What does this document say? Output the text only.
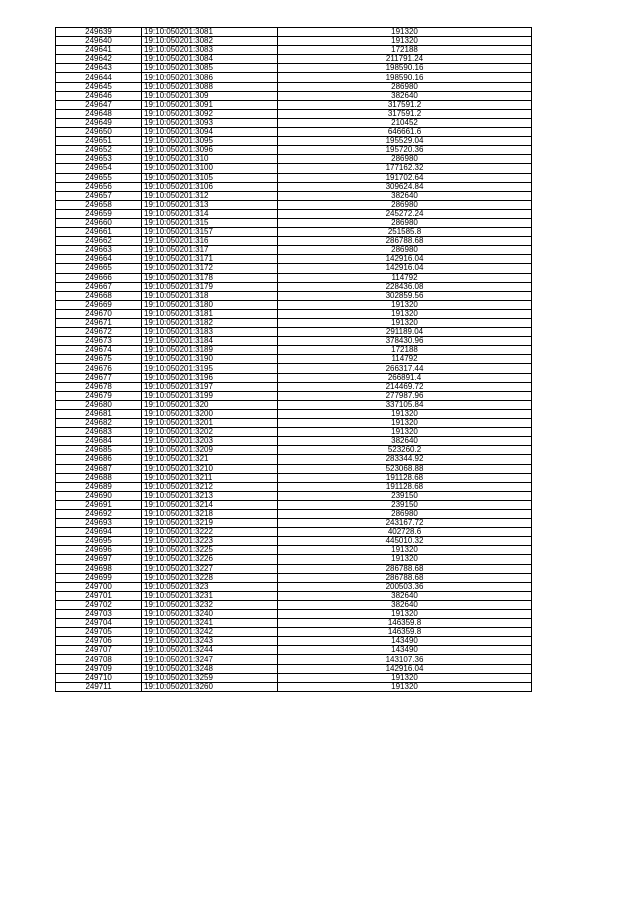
249639	19:10:050201:3081	191320
249640	19:10:050201:3082	191320
249641	19:10:050201:3083	172188
249642	19:10:050201:3084	211791.24
249643	19:10:050201:3085	198590.16
249644	19:10:050201:3086	198590.16
249645	19:10:050201:3088	286980
249646	19:10:050201:309	382640
249647	19:10:050201:3091	317591.2
249648	19:10:050201:3092	317591.2
249649	19:10:050201:3093	210452
249650	19:10:050201:3094	646661.6
249651	19:10:050201:3095	195529.04
249652	19:10:050201:3096	195720.36
249653	19:10:050201:310	286980
249654	19:10:050201:3100	177162.32
249655	19:10:050201:3105	191702.64
249656	19:10:050201:3106	309624.84
249657	19:10:050201:312	382640
249658	19:10:050201:313	286980
249659	19:10:050201:314	245272.24
249660	19:10:050201:315	286980
249661	19:10:050201:3157	251585.8
249662	19:10:050201:316	286788.68
249663	19:10:050201:317	286980
249664	19:10:050201:3171	142916.04
249665	19:10:050201:3172	142916.04
249666	19:10:050201:3178	114792
249667	19:10:050201:3179	228436.08
249668	19:10:050201:318	302859.56
249669	19:10:050201:3180	191320
249670	19:10:050201:3181	191320
249671	19:10:050201:3182	191320
249672	19:10:050201:3183	291189.04
249673	19:10:050201:3184	378430.96
249674	19:10:050201:3189	172188
249675	19:10:050201:3190	114792
249676	19:10:050201:3195	266317.44
249677	19:10:050201:3196	266891.4
249678	19:10:050201:3197	214469.72
249679	19:10:050201:3199	277987.96
249680	19:10:050201:320	337105.84
249681	19:10:050201:3200	191320
249682	19:10:050201:3201	191320
249683	19:10:050201:3202	191320
249684	19:10:050201:3203	382640
249685	19:10:050201:3209	523260.2
249686	19:10:050201:321	283344.92
249687	19:10:050201:3210	523068.88
249688	19:10:050201:3211	191128.68
249689	19:10:050201:3212	191128.68
249690	19:10:050201:3213	239150
249691	19:10:050201:3214	239150
249692	19:10:050201:3218	286980
249693	19:10:050201:3219	243167.72
249694	19:10:050201:3222	402728.6
249695	19:10:050201:3223	445010.32
249696	19:10:050201:3225	191320
249697	19:10:050201:3226	191320
249698	19:10:050201:3227	286788.68
249699	19:10:050201:3228	286788.68
249700	19:10:050201:323	200503.36
249701	19:10:050201:3231	382640
249702	19:10:050201:3232	382640
249703	19:10:050201:3240	191320
249704	19:10:050201:3241	146359.8
249705	19:10:050201:3242	146359.8
249706	19:10:050201:3243	143490
249707	19:10:050201:3244	143490
249708	19:10:050201:3247	143107.36
249709	19:10:050201:3248	142916.04
249710	19:10:050201:3259	191320
249711	19:10:050201:3260	191320
